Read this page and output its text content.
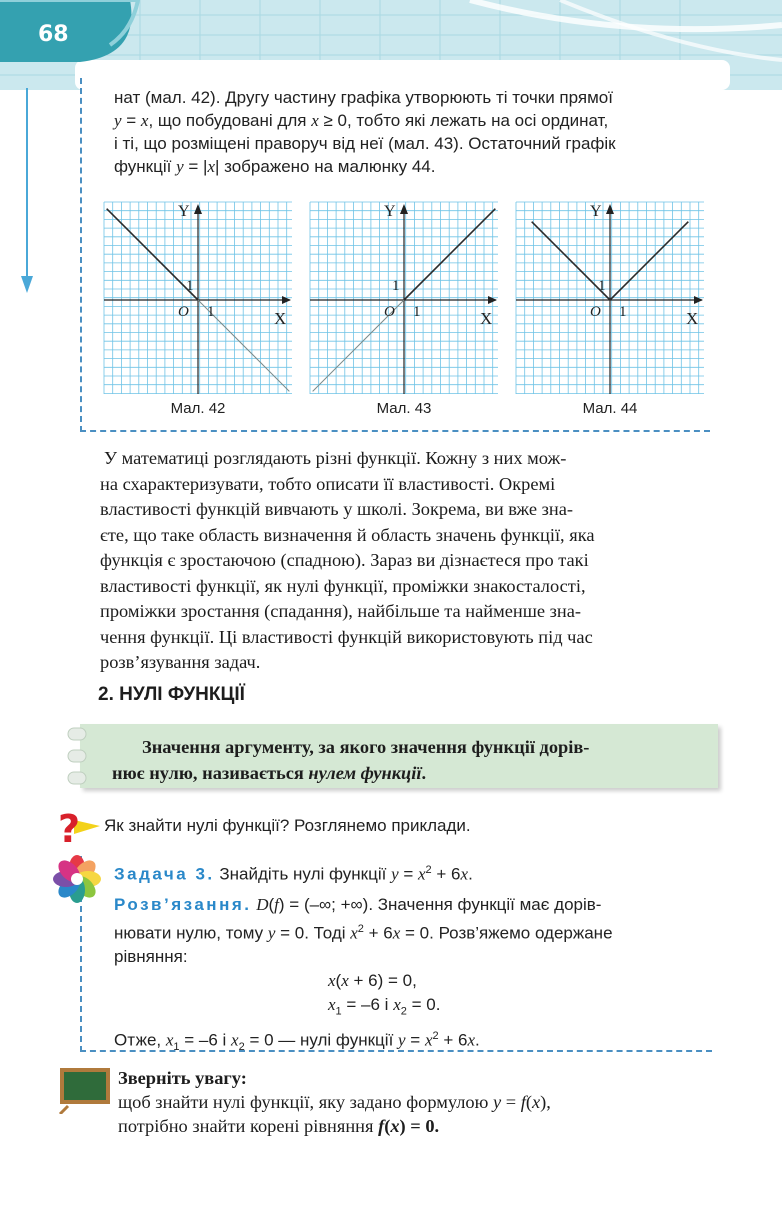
68
нат (мал. 42). Другу частину графіка утворюють ті точки прямої
y = x, що побудовані для x ≥ 0, тобто які лежать на осі ординат,
і ті, що розміщені праворуч від неї (мал. 43). Остаточний графік
функції y = |x| зображено на малюнку 44.
Y
X
O 1
1
Y
X
O 1
1
Y
X
O 1
1
Мал. 42	Мал. 43	Мал. 44
У математиці розглядають різні функції. Кожну з них мож-
на схарактеризувати, тобто описати її властивості. Окремі
властивості функцій вивчають у школі. Зокрема, ви вже зна-
єте, що таке область визначення й область значень функції, яка
функція є зростаючою (спадною). Зараз ви дізнаєтеся про такі
властивості функції, як нулі функції, проміжки знакосталості,
проміжки зростання (спадання), найбільше та найменше зна-
чення функції. Ці властивості функцій використовують під час
розв’язування задач.
2. НУЛІ ФУНКЦІЇ
Значення аргументу, за якого значення функції дорів-
нює нулю, називається нулем функції.
? Як знайти нулі функції? Розглянемо приклади.
Задача 3. Знайдіть нулі функції $y = x^2 + 6x$.
Розв’язання. D(f) = (–∞; +∞). Значення функції має дорів-
нювати нулю, тому y = 0. Тоді $x^2 + 6x = 0$. Розв’яжемо одержане
рівняння:
x(x + 6) = 0,
$x_1 = -6$ і $x_2 = 0$.
Отже, $x_1 = -6$ і $x_2 = 0$ — нулі функції $y = x^2 + 6x$.
Зверніть увагу:
щоб знайти нулі функції, яку задано формулою y = f(x),
потрібно знайти корені рівняння f(x) = 0.
